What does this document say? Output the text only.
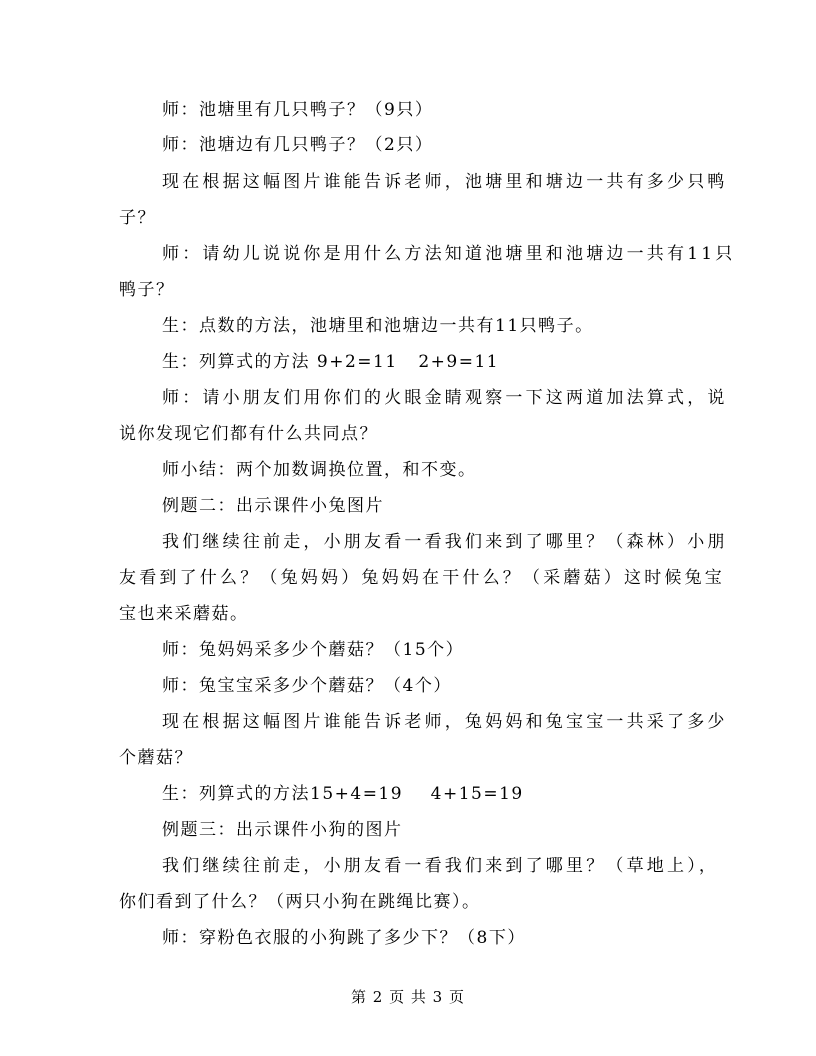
师：池塘里有几只鸭子？（9只）
师：池塘边有几只鸭子？（2只）
现在根据这幅图片谁能告诉老师，池塘里和塘边一共有多少只鸭
子？
师：请幼儿说说你是用什么方法知道池塘里和池塘边一共有11只
鸭子？
生：点数的方法，池塘里和池塘边一共有11只鸭子。
生：列算式的方法 9+2=11   2+9=11
师：请小朋友们用你们的火眼金睛观察一下这两道加法算式，说
说你发现它们都有什么共同点？
师小结：两个加数调换位置，和不变。
例题二：出示课件小兔图片
我们继续往前走，小朋友看一看我们来到了哪里？（森林）小朋
友看到了什么？（兔妈妈）兔妈妈在干什么？（采蘑菇）这时候兔宝
宝也来采蘑菇。
师：兔妈妈采多少个蘑菇？（15个）
师：兔宝宝采多少个蘑菇？（4个）
现在根据这幅图片谁能告诉老师，兔妈妈和兔宝宝一共采了多少
个蘑菇？
生：列算式的方法15+4=19    4+15=19
例题三：出示课件小狗的图片
我们继续往前走，小朋友看一看我们来到了哪里？（草地上），
你们看到了什么？（两只小狗在跳绳比赛）。
师：穿粉色衣服的小狗跳了多少下？（8下）
第 2 页 共 3 页
